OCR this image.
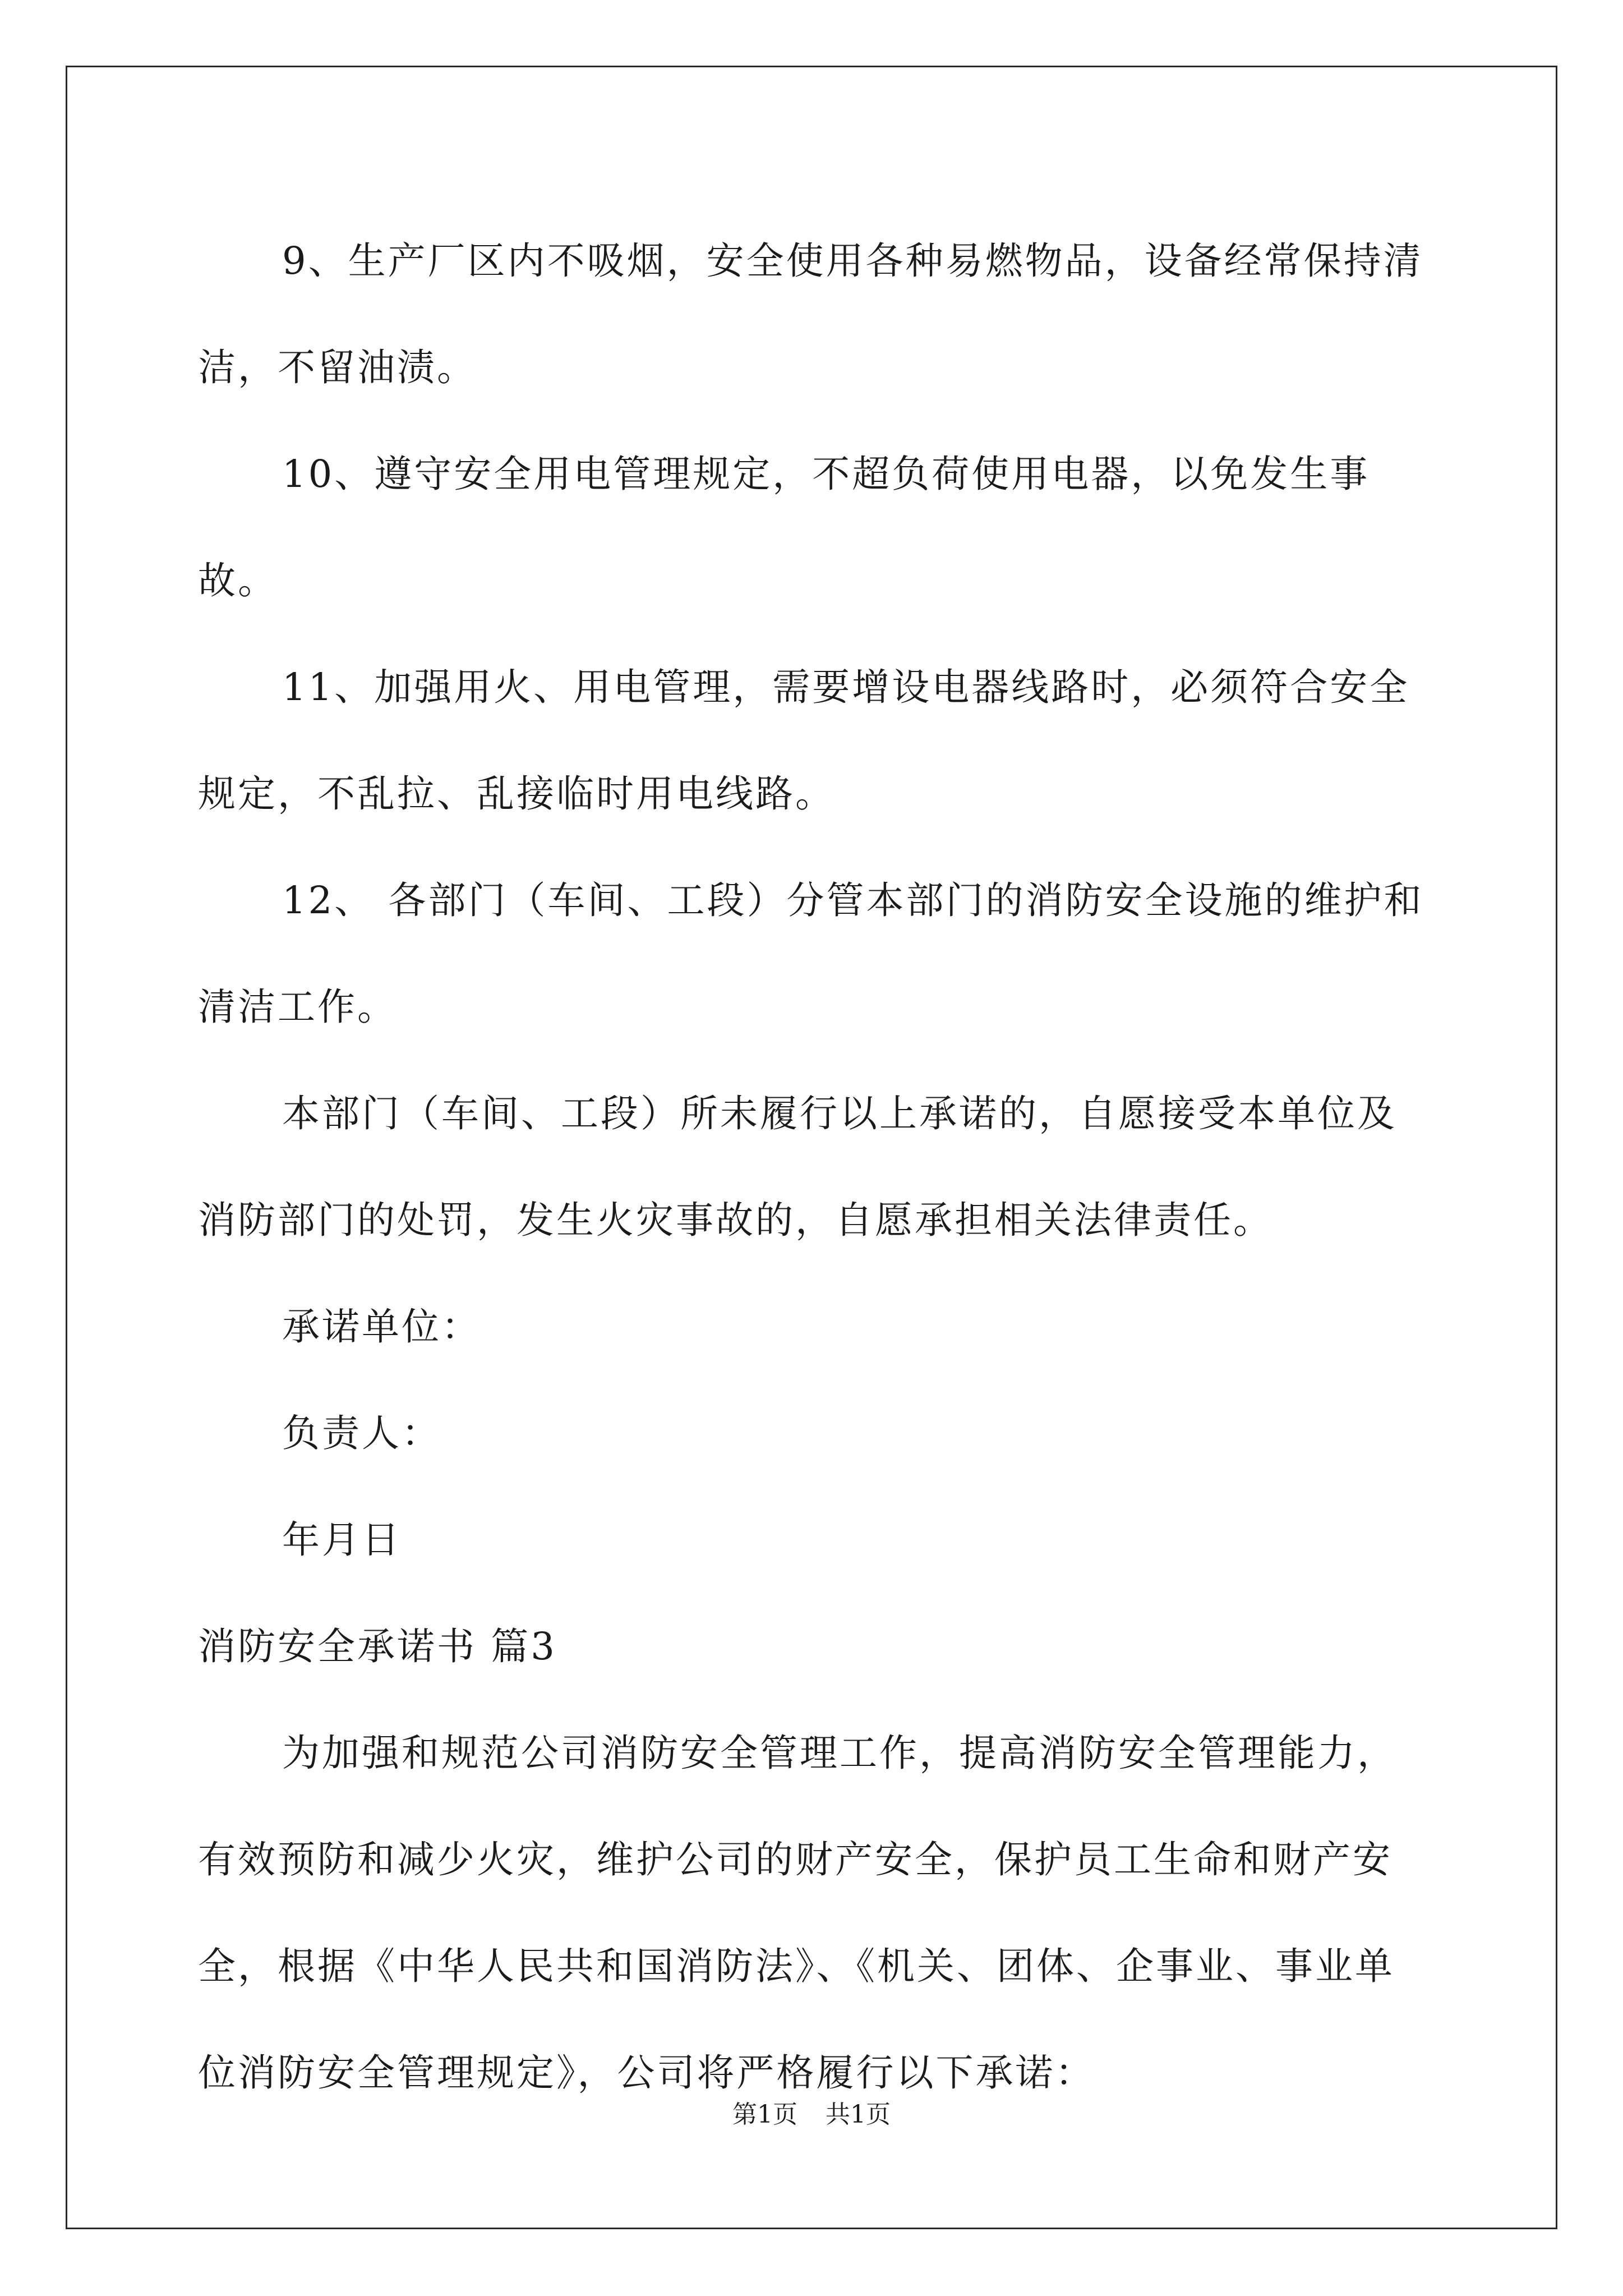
9、生产厂区内不吸烟，安全使用各种易燃物品，设备经常保持清洁，不留油渍。

10、遵守安全用电管理规定，不超负荷使用电器，以免发生事故。

11、加强用火、用电管理，需要增设电器线路时，必须符合安全规定，不乱拉、乱接临时用电线路。

12、 各部门（车间、工段）分管本部门的消防安全设施的维护和清洁工作。

本部门（车间、工段）所未履行以上承诺的，自愿接受本单位及消防部门的处罚，发生火灾事故的，自愿承担相关法律责任。

承诺单位：

负责人：

年月日

消防安全承诺书 篇3

为加强和规范公司消防安全管理工作，提高消防安全管理能力，有效预防和减少火灾，维护公司的财产安全，保护员工生命和财产安全，根据《中华人民共和国消防法》、《机关、团体、企事业、事业单位消防安全管理规定》，公司将严格履行以下承诺：

第1页 共1页
